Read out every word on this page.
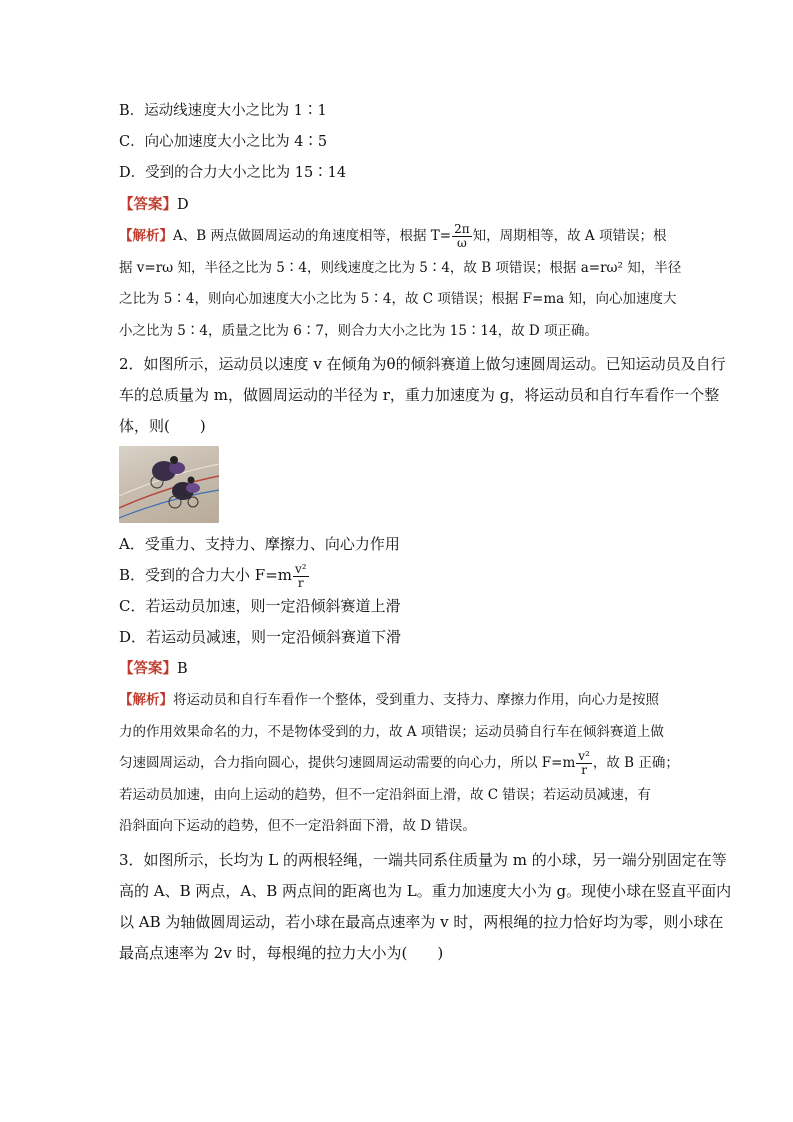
B．运动线速度大小之比为 1∶1
C．向心加速度大小之比为 4∶5
D．受到的合力大小之比为 15∶14
【答案】D
【解析】A、B 两点做圆周运动的角速度相等，根据 $T= \frac{2\pi}{\omega}$ 知，周期相等，故 A 项错误；根
据 v=rω 知，半径之比为 5∶4，则线速度之比为 5∶4，故 B 项错误；根据 a=rω² 知，半径
之比为 5∶4，则向心加速度大小之比为 5∶4，故 C 项错误；根据 F=ma 知，向心加速度大
小之比为 5∶4，质量之比为 6∶7，则合力大小之比为 15∶14，故 D 项正确。
2．如图所示，运动员以速度 v 在倾角为θ的倾斜赛道上做匀速圆周运动。已知运动员及自行
车的总质量为 m，做圆周运动的半径为 r，重力加速度为 g，将运动员和自行车看作一个整
体，则(　　)
A．受重力、支持力、摩擦力、向心力作用
B．受到的合力大小 $F=m \frac{\text{v²}}{r}$
C．若运动员加速，则一定沿倾斜赛道上滑
D．若运动员减速，则一定沿倾斜赛道下滑
【答案】B
【解析】将运动员和自行车看作一个整体，受到重力、支持力、摩擦力作用，向心力是按照
力的作用效果命名的力，不是物体受到的力，故 A 项错误；运动员骑自行车在倾斜赛道上做
匀速圆周运动，合力指向圆心，提供匀速圆周运动需要的向心力，所以 $F=m \frac{\text{v²}}{r}$ ，故 B 正确；
若运动员加速，由向上运动的趋势，但不一定沿斜面上滑，故 C 错误；若运动员减速，有
沿斜面向下运动的趋势，但不一定沿斜面下滑，故 D 错误。
3．如图所示，长均为 L 的两根轻绳，一端共同系住质量为 m 的小球，另一端分别固定在等
高的 A、B 两点，A、B 两点间的距离也为 L。重力加速度大小为 g。现使小球在竖直平面内
以 AB 为轴做圆周运动，若小球在最高点速率为 v 时，两根绳的拉力恰好均为零，则小球在
最高点速率为 2v 时，每根绳的拉力大小为(　　)
